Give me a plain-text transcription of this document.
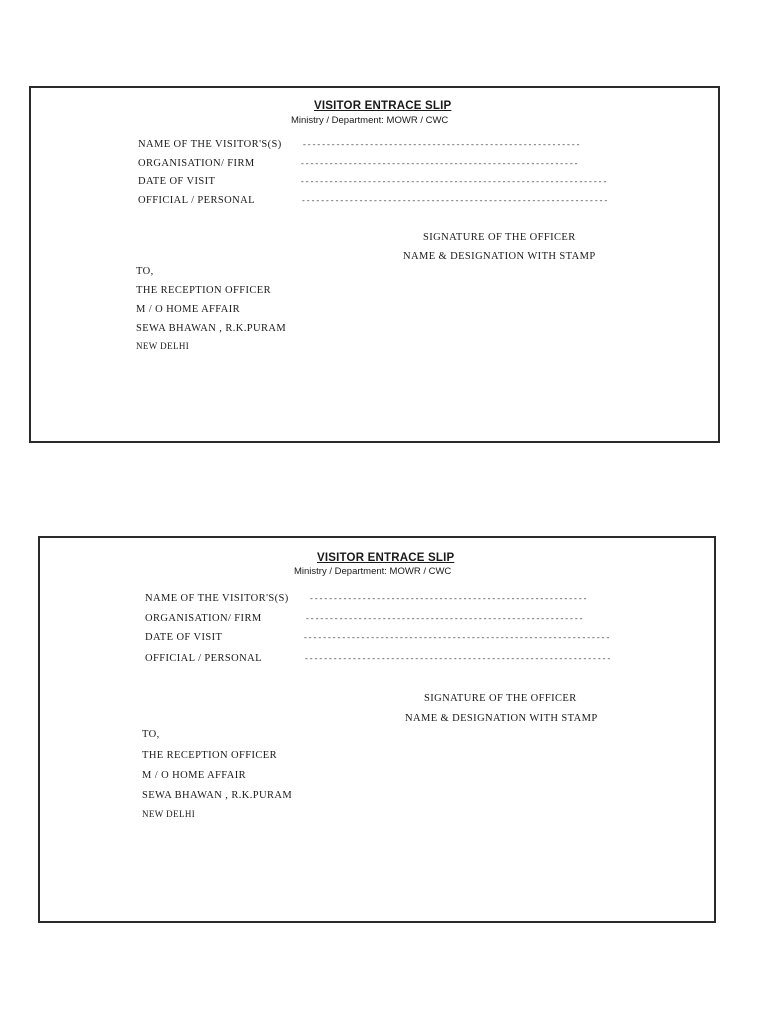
VISITOR ENTRACE SLIP
Ministry / Department: MOWR / CWC
NAME OF THE VISITOR'S(S)	----------------------------------------------------------
ORGANISATION/ FIRM	----------------------------------------------------------
DATE OF VISIT	----------------------------------------------------------------
OFFICIAL / PERSONAL	----------------------------------------------------------------
SIGNATURE OF THE OFFICER
NAME & DESIGNATION WITH STAMP
TO,
THE RECEPTION OFFICER
M / O HOME AFFAIR
SEWA BHAWAN , R.K.PURAM
NEW DELHI
VISITOR ENTRACE SLIP
Ministry / Department: MOWR / CWC
NAME OF THE VISITOR'S(S)	----------------------------------------------------------
ORGANISATION/ FIRM	----------------------------------------------------------
DATE OF VISIT	----------------------------------------------------------------
OFFICIAL / PERSONAL	----------------------------------------------------------------
SIGNATURE OF THE OFFICER
NAME & DESIGNATION WITH STAMP
TO,
THE RECEPTION OFFICER
M / O HOME AFFAIR
SEWA BHAWAN , R.K.PURAM
NEW DELHI
